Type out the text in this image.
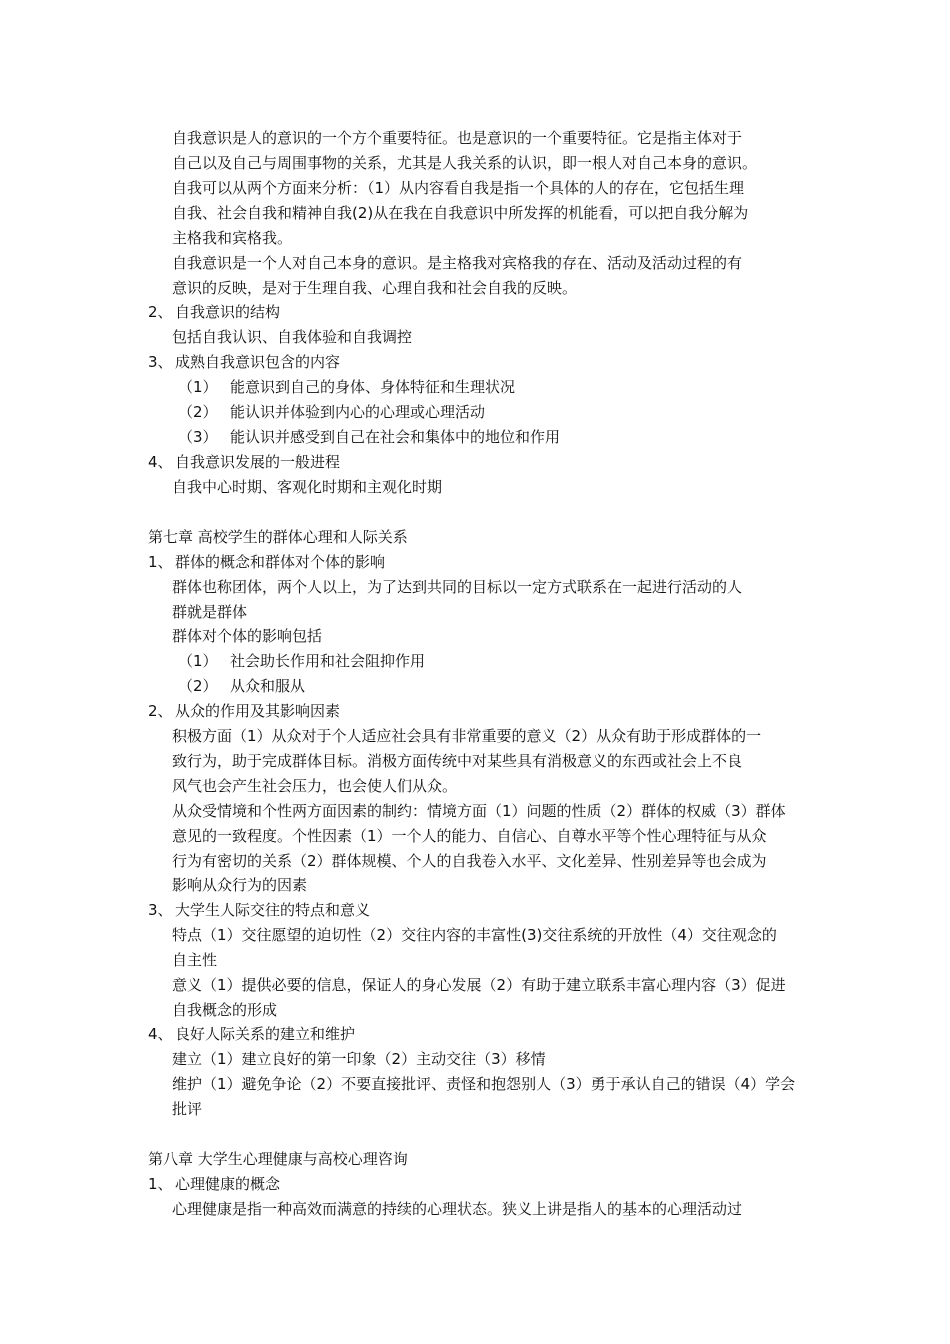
自我意识是人的意识的一个方个重要特征。也是意识的一个重要特征。它是指主体对于
自己以及自己与周围事物的关系，尤其是人我关系的认识，即一根人对自己本身的意识。
自我可以从两个方面来分析：（1）从内容看自我是指一个具体的人的存在，它包括生理
自我、社会自我和精神自我(2)从在我在自我意识中所发挥的机能看，可以把自我分解为
主格我和宾格我。
自我意识是一个人对自己本身的意识。是主格我对宾格我的存在、活动及活动过程的有
意识的反映，是对于生理自我、心理自我和社会自我的反映。
2、 自我意识的结构
包括自我认识、自我体验和自我调控
3、 成熟自我意识包含的内容
（1） 能意识到自己的身体、身体特征和生理状况
（2） 能认识并体验到内心的心理或心理活动
（3） 能认识并感受到自己在社会和集体中的地位和作用
4、 自我意识发展的一般进程
自我中心时期、客观化时期和主观化时期
第七章 高校学生的群体心理和人际关系
1、 群体的概念和群体对个体的影响
群体也称团体，两个人以上，为了达到共同的目标以一定方式联系在一起进行活动的人
群就是群体
群体对个体的影响包括
（1） 社会助长作用和社会阻抑作用
（2） 从众和服从
2、 从众的作用及其影响因素
积极方面（1）从众对于个人适应社会具有非常重要的意义（2）从众有助于形成群体的一
致行为，助于完成群体目标。消极方面传统中对某些具有消极意义的东西或社会上不良
风气也会产生社会压力，也会使人们从众。
从众受情境和个性两方面因素的制约：情境方面（1）问题的性质（2）群体的权威（3）群体
意见的一致程度。个性因素（1）一个人的能力、自信心、自尊水平等个性心理特征与从众
行为有密切的关系（2）群体规模、个人的自我卷入水平、文化差异、性别差异等也会成为
影响从众行为的因素
3、 大学生人际交往的特点和意义
特点（1）交往愿望的迫切性（2）交往内容的丰富性(3)交往系统的开放性（4）交往观念的
自主性
意义（1）提供必要的信息，保证人的身心发展（2）有助于建立联系丰富心理内容（3）促进
自我概念的形成
4、 良好人际关系的建立和维护
建立（1）建立良好的第一印象（2）主动交往（3）移情
维护（1）避免争论（2）不要直接批评、责怪和抱怨别人（3）勇于承认自己的错误（4）学会
批评
第八章 大学生心理健康与高校心理咨询
1、 心理健康的概念
心理健康是指一种高效而满意的持续的心理状态。狭义上讲是指人的基本的心理活动过
